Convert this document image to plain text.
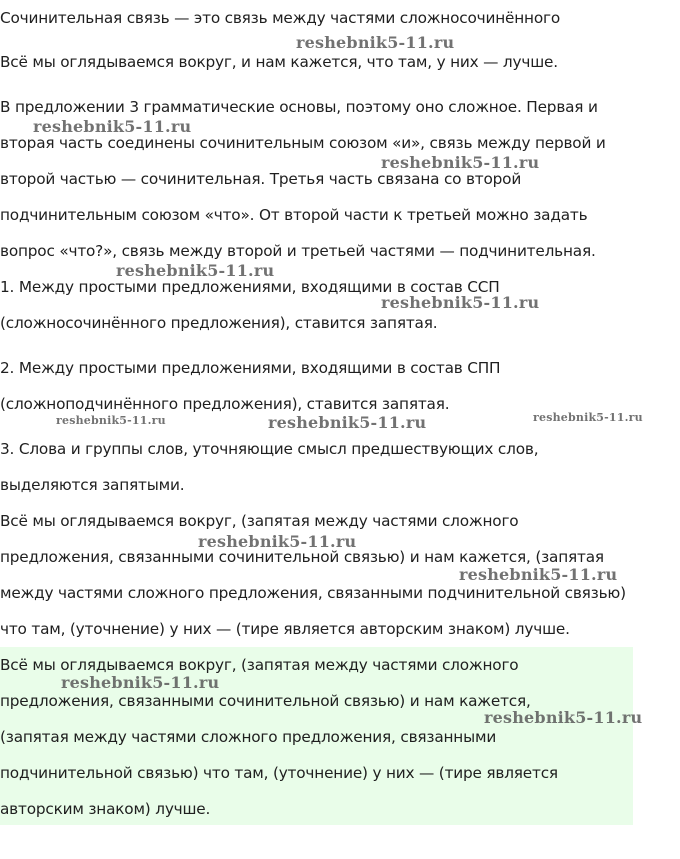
Сочинительная связь — это связь между частями сложносочинённого
Всё мы оглядываемся вокруг, и нам кажется, что там, у них — лучше.
В предложении 3 грамматические основы, поэтому оно сложное. Первая и
вторая часть соединены сочинительным союзом «и», связь между первой и
второй частью — сочинительная. Третья часть связана со второй
подчинительным союзом «что». От второй части к третьей можно задать
вопрос «что?», связь между второй и третьей частями — подчинительная.
1. Между простыми предложениями, входящими в состав ССП
(сложносочинённого предложения), ставится запятая.
2. Между простыми предложениями, входящими в состав СПП
(сложноподчинённого предложения), ставится запятая.
3. Слова и группы слов, уточняющие смысл предшествующих слов,
выделяются запятыми.
Всё мы оглядываемся вокруг, (запятая между частями сложного
предложения, связанными сочинительной связью) и нам кажется, (запятая
между частями сложного предложения, связанными подчинительной связью)
что там, (уточнение) у них — (тире является авторским знаком) лучше.
Всё мы оглядываемся вокруг, (запятая между частями сложного
предложения, связанными сочинительной связью) и нам кажется,
(запятая между частями сложного предложения, связанными
подчинительной связью) что там, (уточнение) у них — (тире является
авторским знаком) лучше.
reshebnik5-11.ru
reshebnik5-11.ru
reshebnik5-11.ru
reshebnik5-11.ru
reshebnik5-11.ru
reshebnik5-11.ru	reshebnik5-11.ru	reshebnik5-11.ru
reshebnik5-11.ru
reshebnik5-11.ru
reshebnik5-11.ru
reshebnik5-11.ru
